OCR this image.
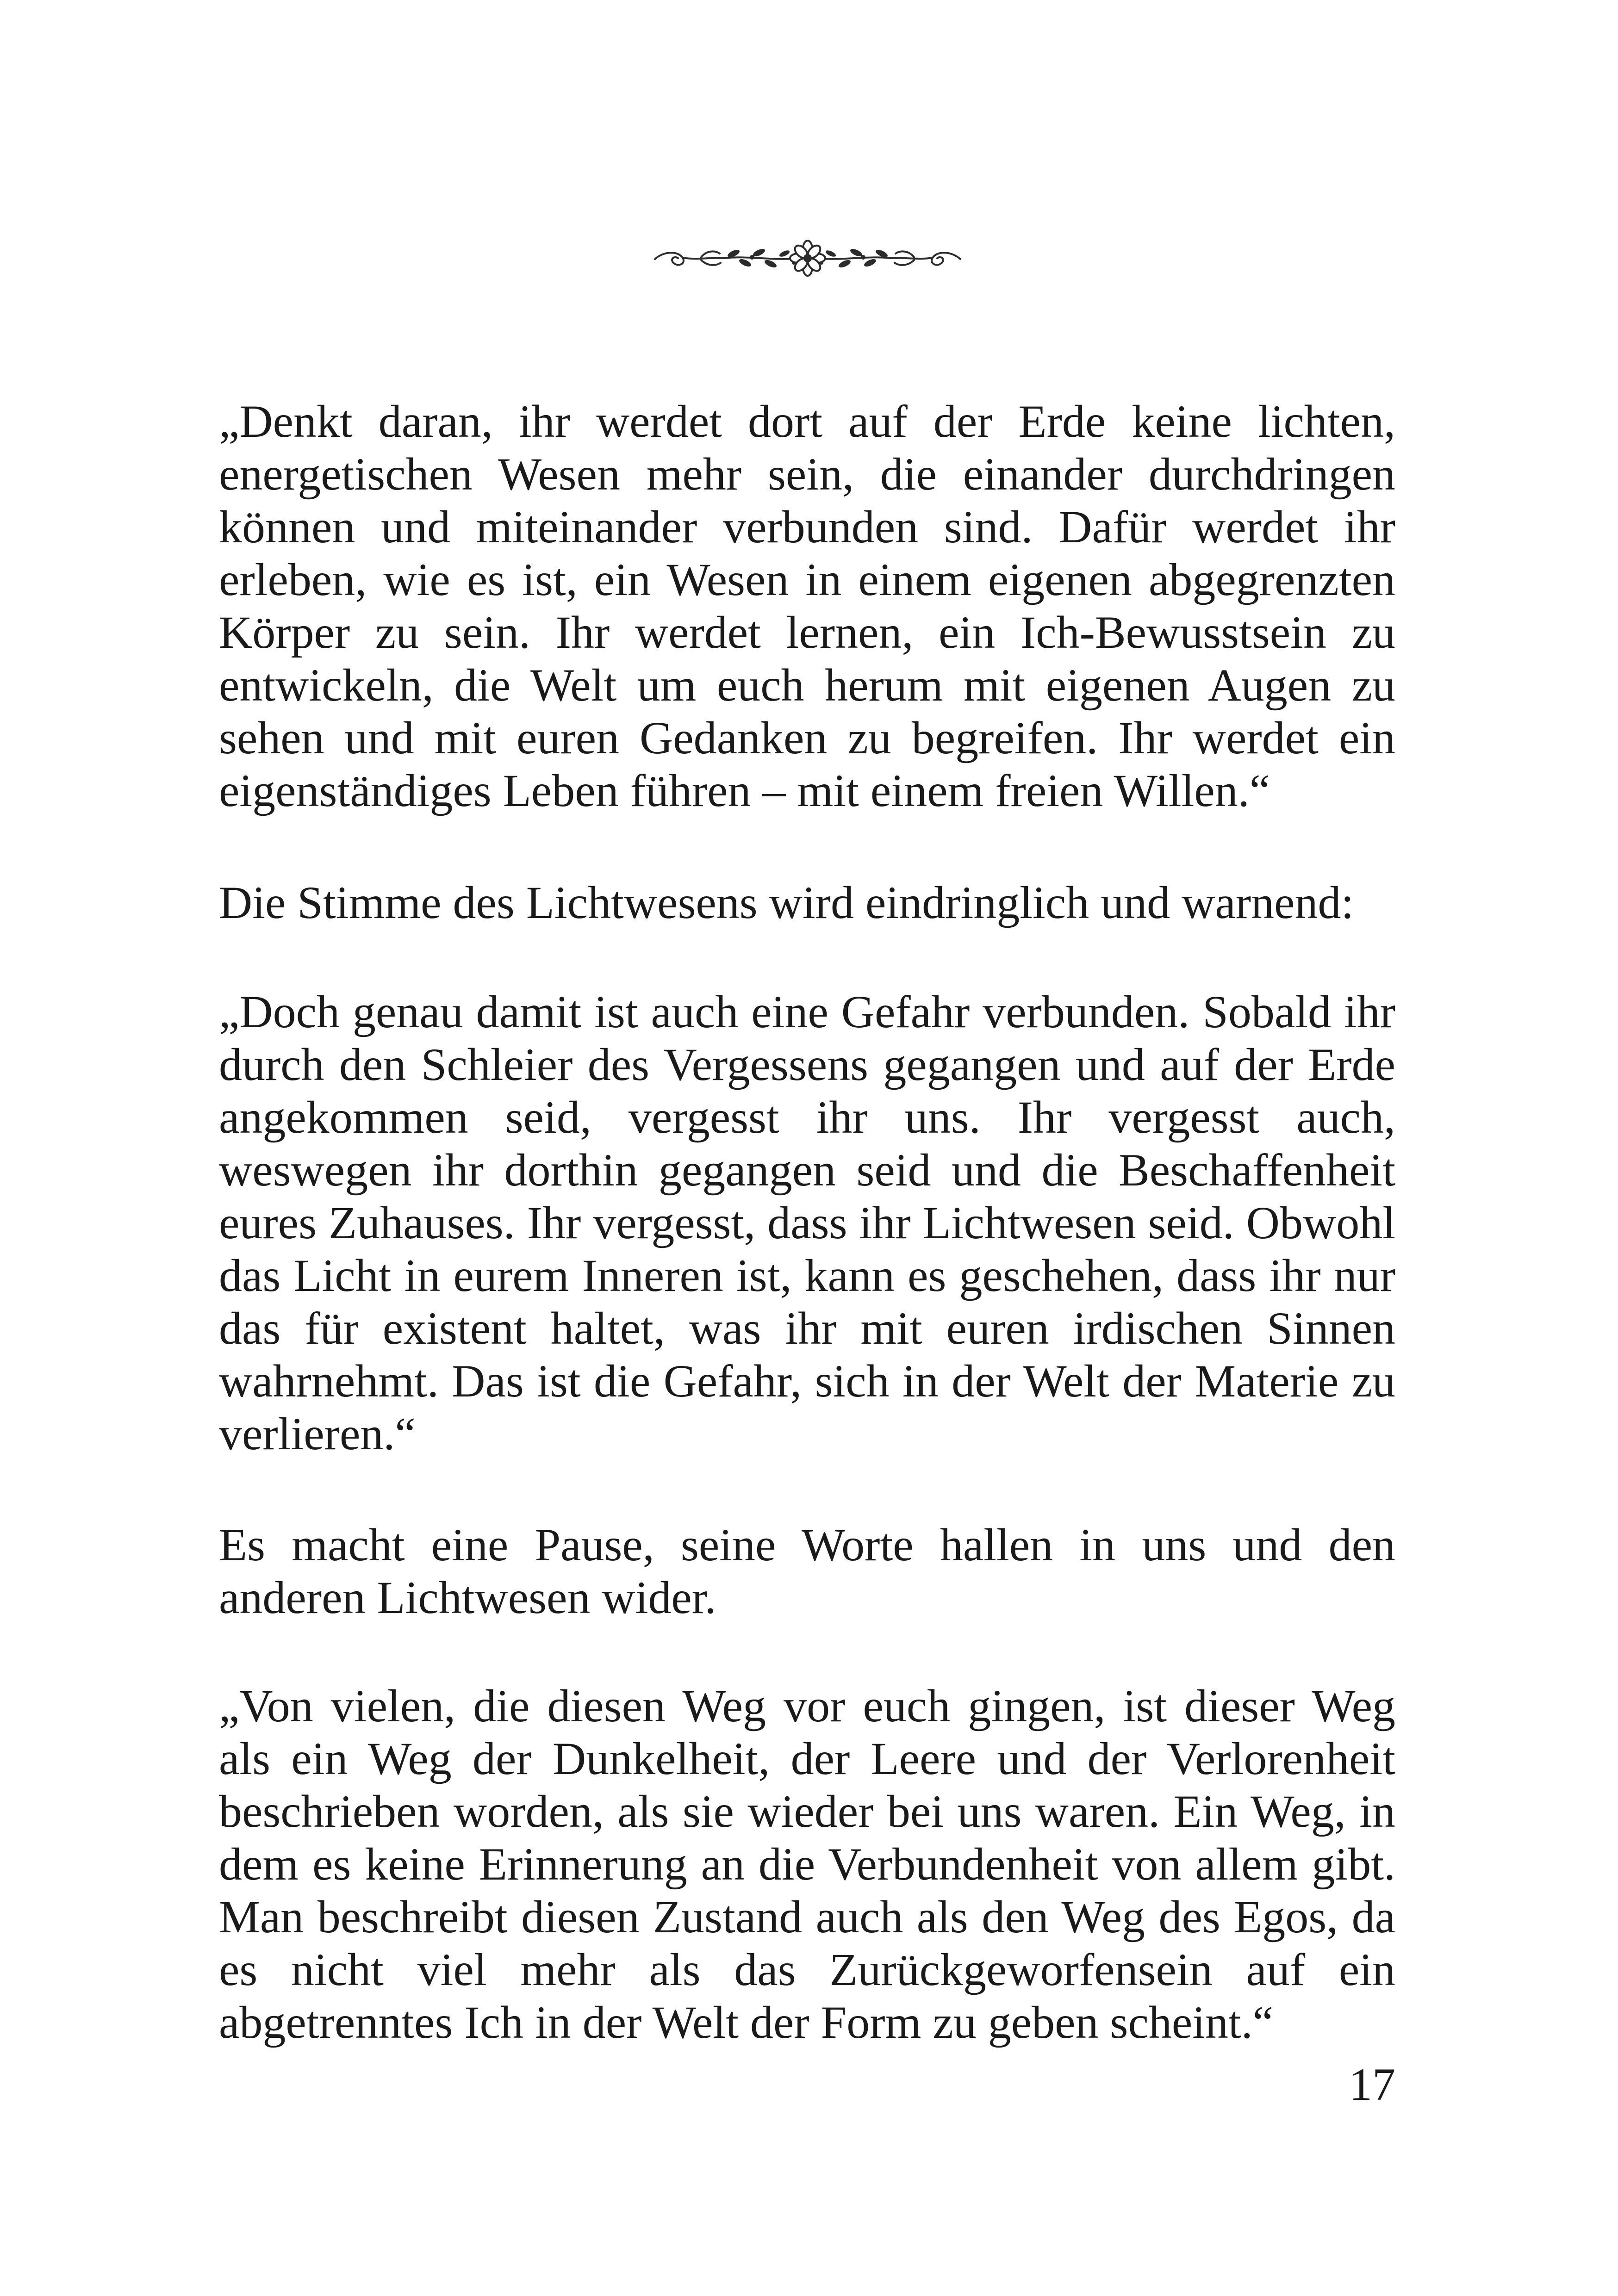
„Denkt daran, ihr werdet dort auf der Erde keine lichten, energetischen Wesen mehr sein, die einander durchdringen können und miteinander verbunden sind. Dafür werdet ihr erleben, wie es ist, ein Wesen in einem eigenen abgegrenzten Körper zu sein. Ihr werdet lernen, ein Ich-Bewusstsein zu entwickeln, die Welt um euch herum mit eigenen Augen zu sehen und mit euren Gedanken zu begreifen. Ihr werdet ein eigenständiges Leben führen – mit einem freien Willen.“

Die Stimme des Lichtwesens wird eindringlich und warnend:

„Doch genau damit ist auch eine Gefahr verbunden. Sobald ihr durch den Schleier des Vergessens gegangen und auf der Erde angekommen seid, vergesst ihr uns. Ihr vergesst auch, weswegen ihr dorthin gegangen seid und die Beschaffenheit eures Zuhauses. Ihr vergesst, dass ihr Lichtwesen seid. Obwohl das Licht in eurem Inneren ist, kann es geschehen, dass ihr nur das für existent haltet, was ihr mit euren irdischen Sinnen wahrnehmt. Das ist die Gefahr, sich in der Welt der Materie zu verlieren.“

Es macht eine Pause, seine Worte hallen in uns und den anderen Lichtwesen wider.

„Von vielen, die diesen Weg vor euch gingen, ist dieser Weg als ein Weg der Dunkelheit, der Leere und der Verlorenheit beschrieben worden, als sie wieder bei uns waren. Ein Weg, in dem es keine Erinnerung an die Verbundenheit von allem gibt. Man beschreibt diesen Zustand auch als den Weg des Egos, da es nicht viel mehr als das Zurückgeworfensein auf ein abgetrenntes Ich in der Welt der Form zu geben scheint.“

17
